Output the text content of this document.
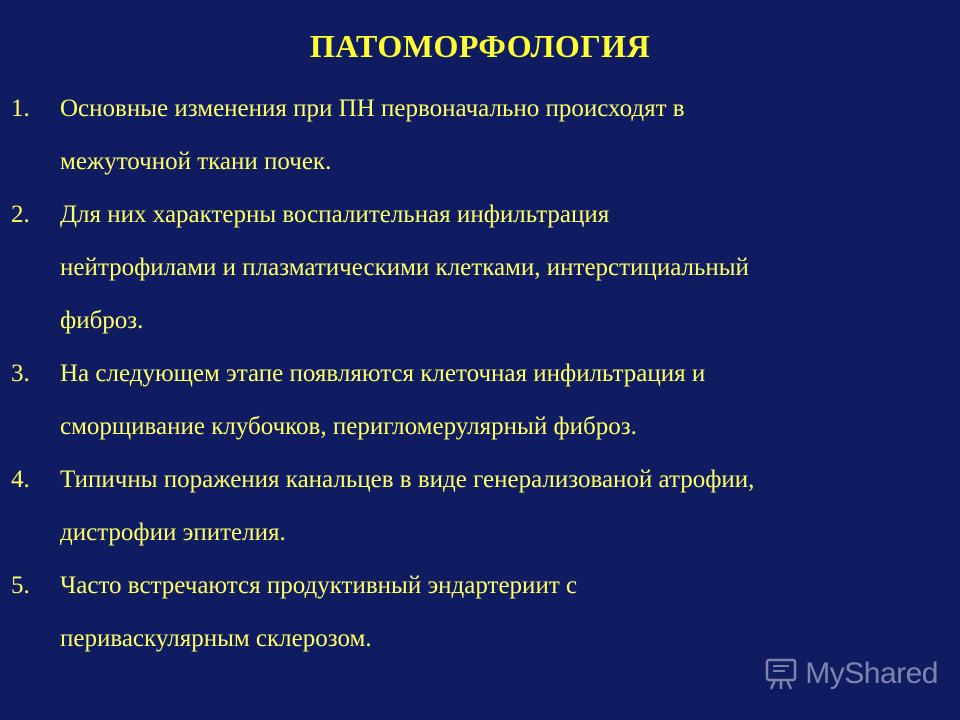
ПАТОМОРФОЛОГИЯ
1. Основные изменения при ПН первоначально происходят в
межуточной ткани почек.
2. Для них характерны воспалительная инфильтрация
нейтрофилами и плазматическими клетками, интерстициальный
фиброз.
3. На следующем этапе появляются клеточная инфильтрация и
сморщивание клубочков, перигломерулярный фиброз.
4. Типичны поражения канальцев в виде генерализованой атрофии,
дистрофии эпителия.
5. Часто встречаются продуктивный эндартериит с
периваскулярным склерозом.
MyShared
